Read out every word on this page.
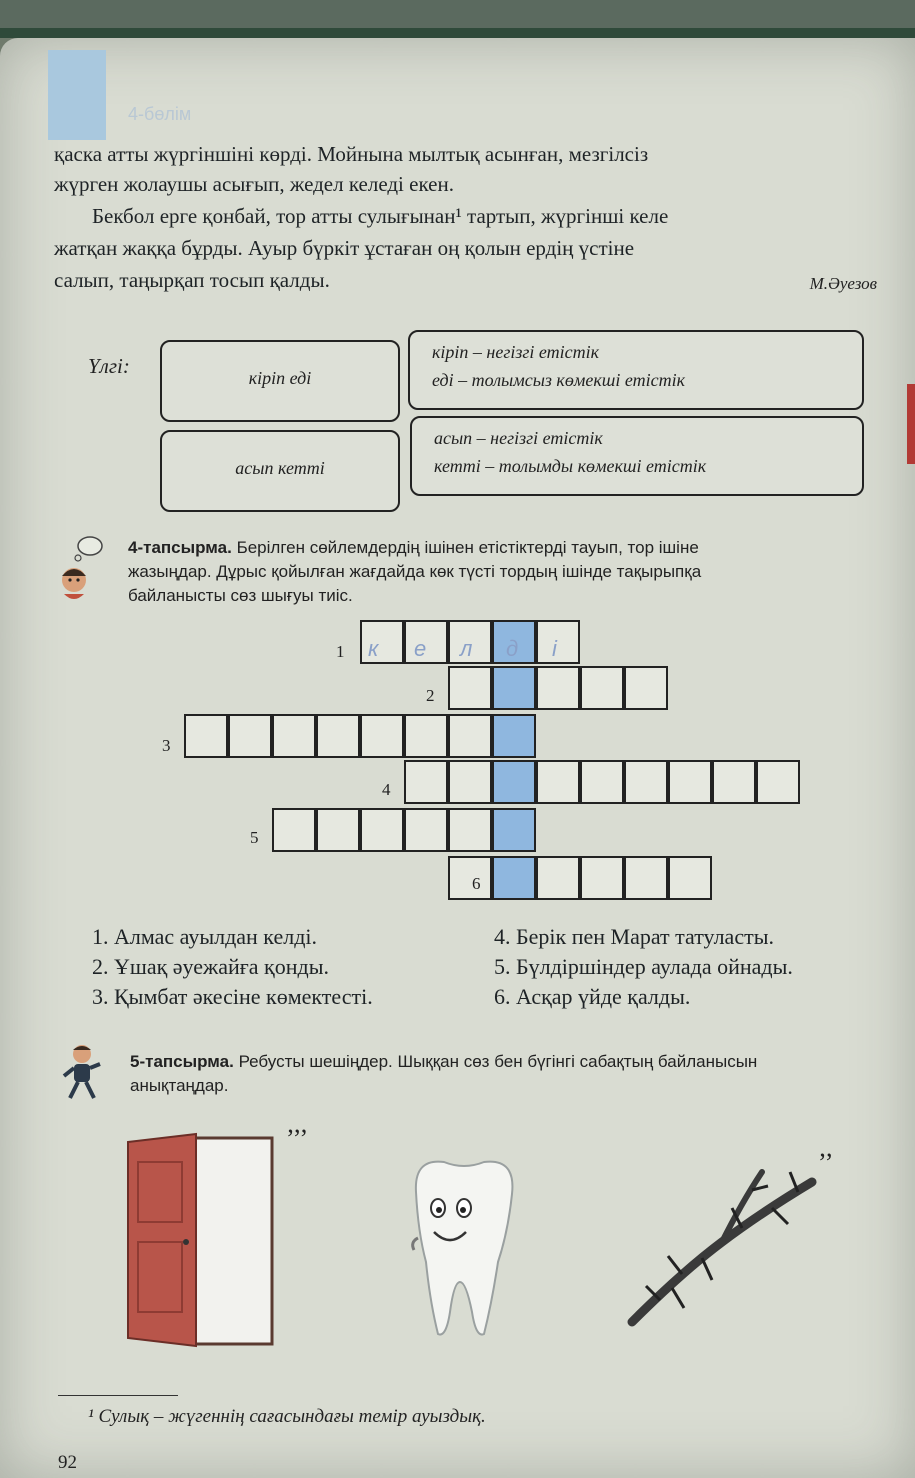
4-бөлім
қаска атты жүргіншіні көрді. Мойнына мылтық асынған, мезгілсіз
жүрген жолаушы асығып, жедел келеді екен.
Бекбол ерге қонбай, тор атты сулығынан¹ тартып, жүргінші келе
жатқан жаққа бұрды. Ауыр бүркіт ұстаған оң қолын ердің үстіне
салып, таңырқап тосып қалды.	М.Әуезов
Үлгі:	кіріп еді
кіріп – негізгі етістік
еді – толымсыз көмекші етістік
асып кетті
асып – негізгі етістік
кетті – толымды көмекші етістік
4-тапсырма. Берілген сөйлемдердің ішінен етістіктерді тауып, тор ішіне
жазыңдар. Дұрыс қойылған жағдайда көк түсті тордың ішінде тақырыпқа
байланысты сөз шығуы тиіс.
1
2
3
4
5
6
к е л д і
1. Алмас ауылдан келді.
2. Ұшақ әуежайға қонды.
3. Қымбат әкесіне көмектесті.
4. Берік пен Марат татуласты.
5. Бүлдіршіндер аулада ойнады.
6. Асқар үйде қалды.
5-тапсырма. Ребусты шешіңдер. Шыққан сөз бен бүгінгі сабақтың байланысын
анықтаңдар.
’’’
’’
¹ Сулық – жүгеннің сағасындағы темір ауыздық.
92
